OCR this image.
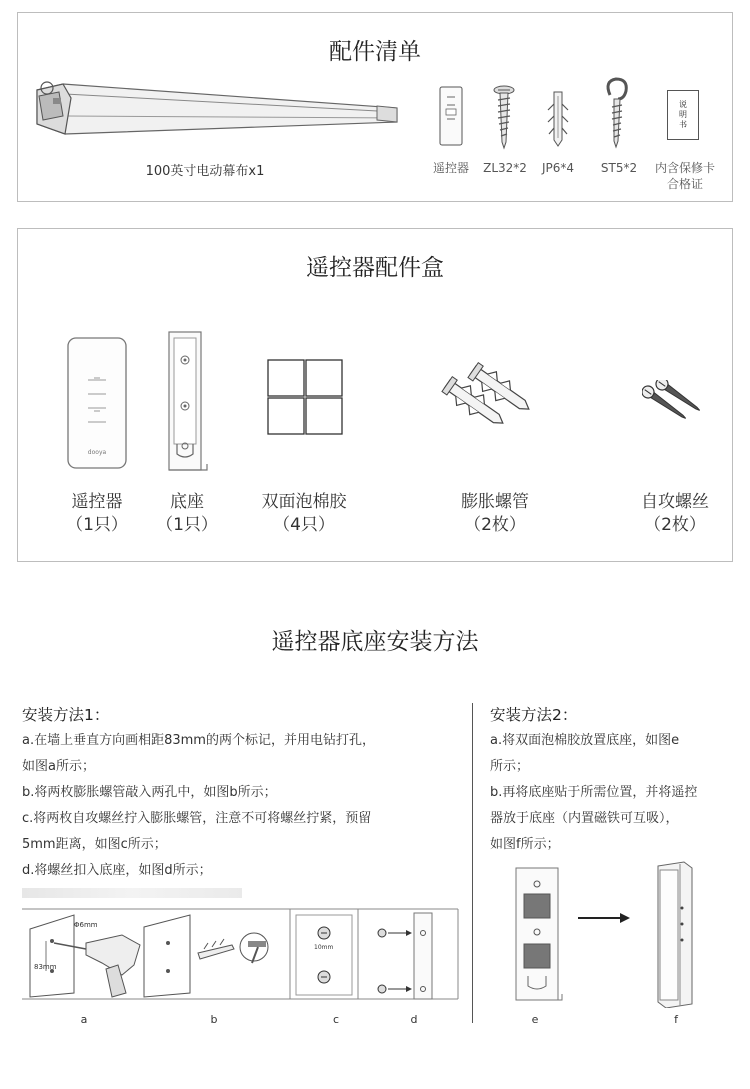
配件清单
100英寸电动幕布x1	遥控器	ZL32*2	JP6*4	ST5*2
说明书
内含保修卡
合格证
遥控器配件盒
dooya
遥控器
（1只）
底座
（1只）
双面泡棉胶
（4只）
膨胀螺管
（2枚）
自攻螺丝
（2枚）
遥控器底座安装方法
安装方法1：
a.在墙上垂直方向画相距83mm的两个标记，并用电钻打孔，
如图a所示；
b.将两枚膨胀螺管敲入两孔中，如图b所示；
c.将两枚自攻螺丝拧入膨胀螺管，注意不可将螺丝拧紧，预留
5mm距离，如图c所示；
d.将螺丝扣入底座，如图d所示；
安装方法2：
a.将双面泡棉胶放置底座，如图e
所示；
b.再将底座贴于所需位置，并将遥控
器放于底座（内置磁铁可互吸），
如图f所示；
83mm
Φ6mm
10mm
a	b	c	d	e	f
